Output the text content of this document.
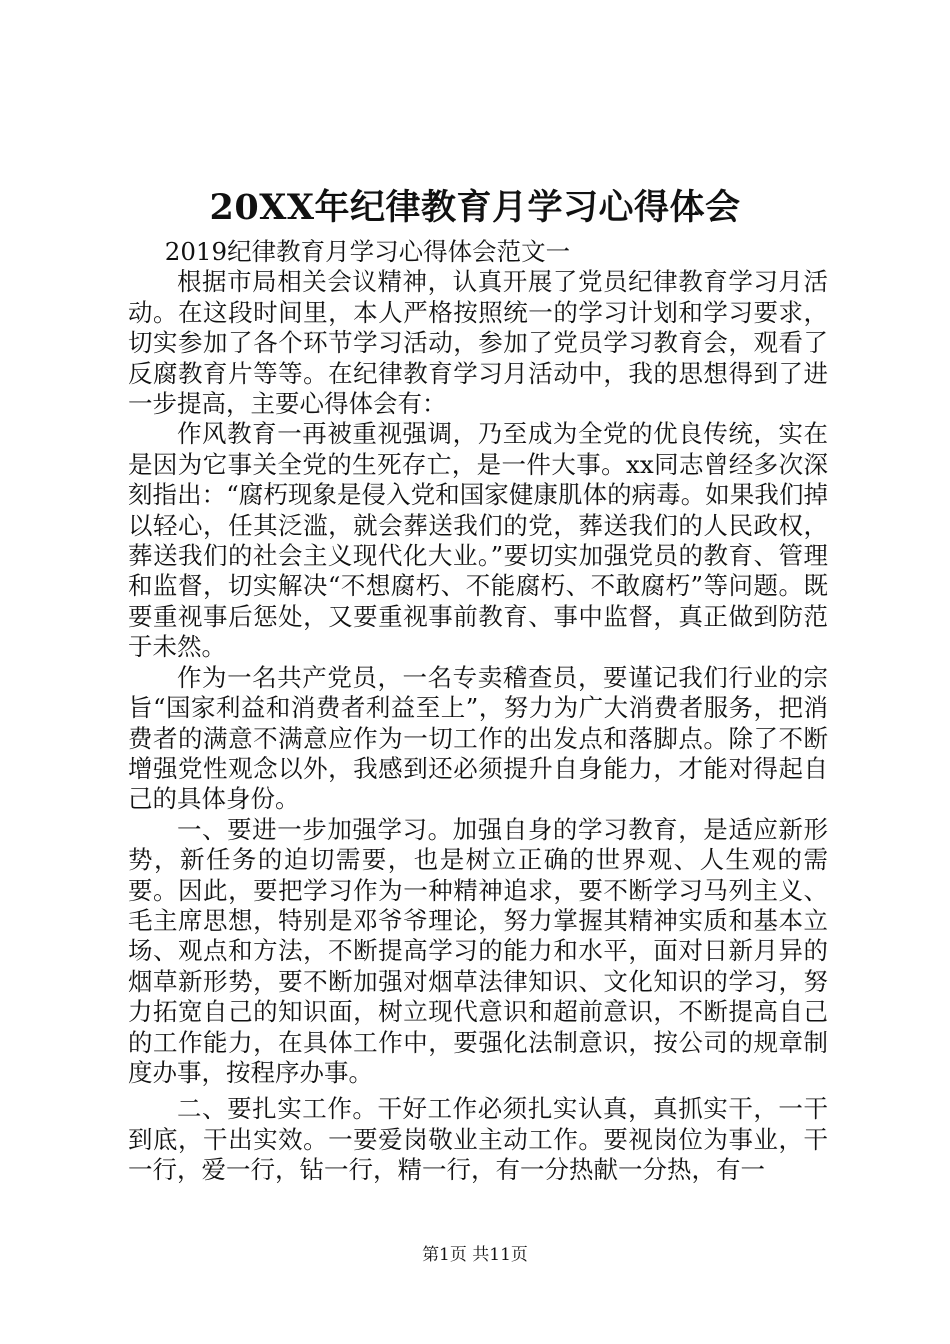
20XX年纪律教育月学习心得体会

2019纪律教育月学习心得体会范文一

根据市局相关会议精神，认真开展了党员纪律教育学习月活动。在这段时间里，本人严格按照统一的学习计划和学习要求，切实参加了各个环节学习活动，参加了党员学习教育会，观看了反腐教育片等等。在纪律教育学习月活动中，我的思想得到了进一步提高，主要心得体会有：

作风教育一再被重视强调，乃至成为全党的优良传统，实在是因为它事关全党的生死存亡，是一件大事。xx同志曾经多次深刻指出：“腐朽现象是侵入党和国家健康肌体的病毒。如果我们掉以轻心，任其泛滥，就会葬送我们的党，葬送我们的人民政权，葬送我们的社会主义现代化大业。”要切实加强党员的教育、管理和监督，切实解决“不想腐朽、不能腐朽、不敢腐朽”等问题。既要重视事后惩处，又要重视事前教育、事中监督，真正做到防范于未然。

作为一名共产党员，一名专卖稽查员，要谨记我们行业的宗旨“国家利益和消费者利益至上”，努力为广大消费者服务，把消费者的满意不满意应作为一切工作的出发点和落脚点。除了不断增强党性观念以外，我感到还必须提升自身能力，才能对得起自己的具体身份。

一、要进一步加强学习。加强自身的学习教育，是适应新形势，新任务的迫切需要，也是树立正确的世界观、人生观的需要。因此，要把学习作为一种精神追求，要不断学习马列主义、毛主席思想，特别是邓爷爷理论，努力掌握其精神实质和基本立场、观点和方法，不断提高学习的能力和水平，面对日新月异的烟草新形势，要不断加强对烟草法律知识、文化知识的学习，努力拓宽自己的知识面，树立现代意识和超前意识，不断提高自己的工作能力，在具体工作中，要强化法制意识，按公司的规章制度办事，按程序办事。

二、要扎实工作。干好工作必须扎实认真，真抓实干，一干到底，干出实效。一要爱岗敬业主动工作。要视岗位为事业，干一行，爱一行，钻一行，精一行，有一分热献一分热，有一

第1页 共11页
